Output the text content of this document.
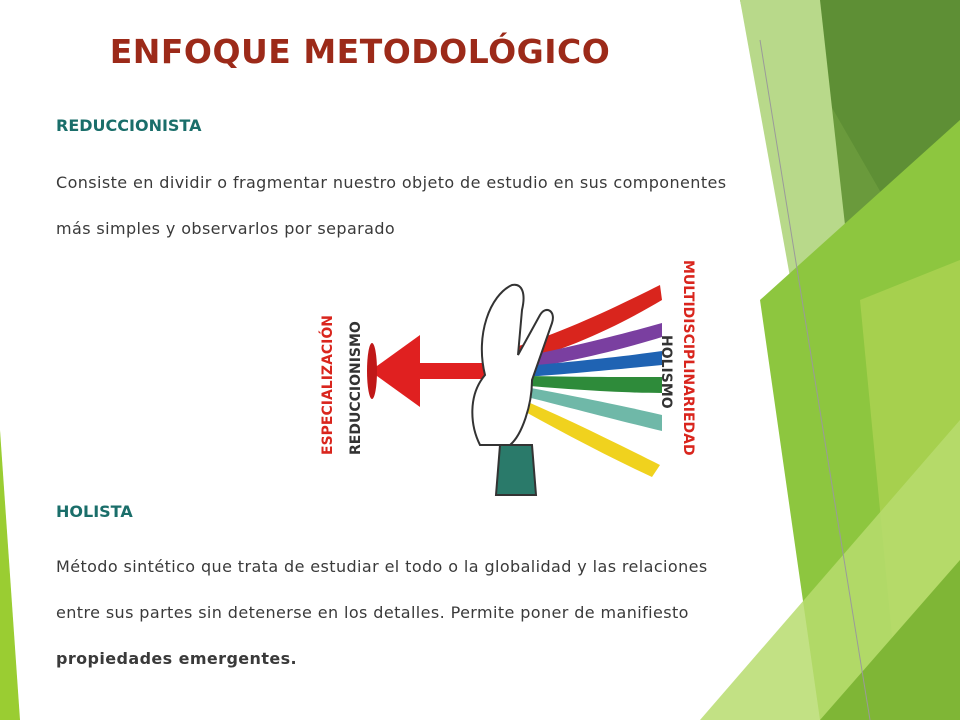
ENFOQUE METODOLÓGICO
REDUCCIONISTA

Consiste en dividir o fragmentar nuestro objeto de estudio en sus componentes más simples y observarlos por separado

ESPECIALIZACIÓN REDUCCIONISMO	MULTIDISCIPLINARIEDAD
HOLISMO
HOLISTA

Método sintético que trata de estudiar el todo o la globalidad y las relaciones entre sus partes sin detenerse en los detalles. Permite poner de manifiesto propiedades emergentes.
